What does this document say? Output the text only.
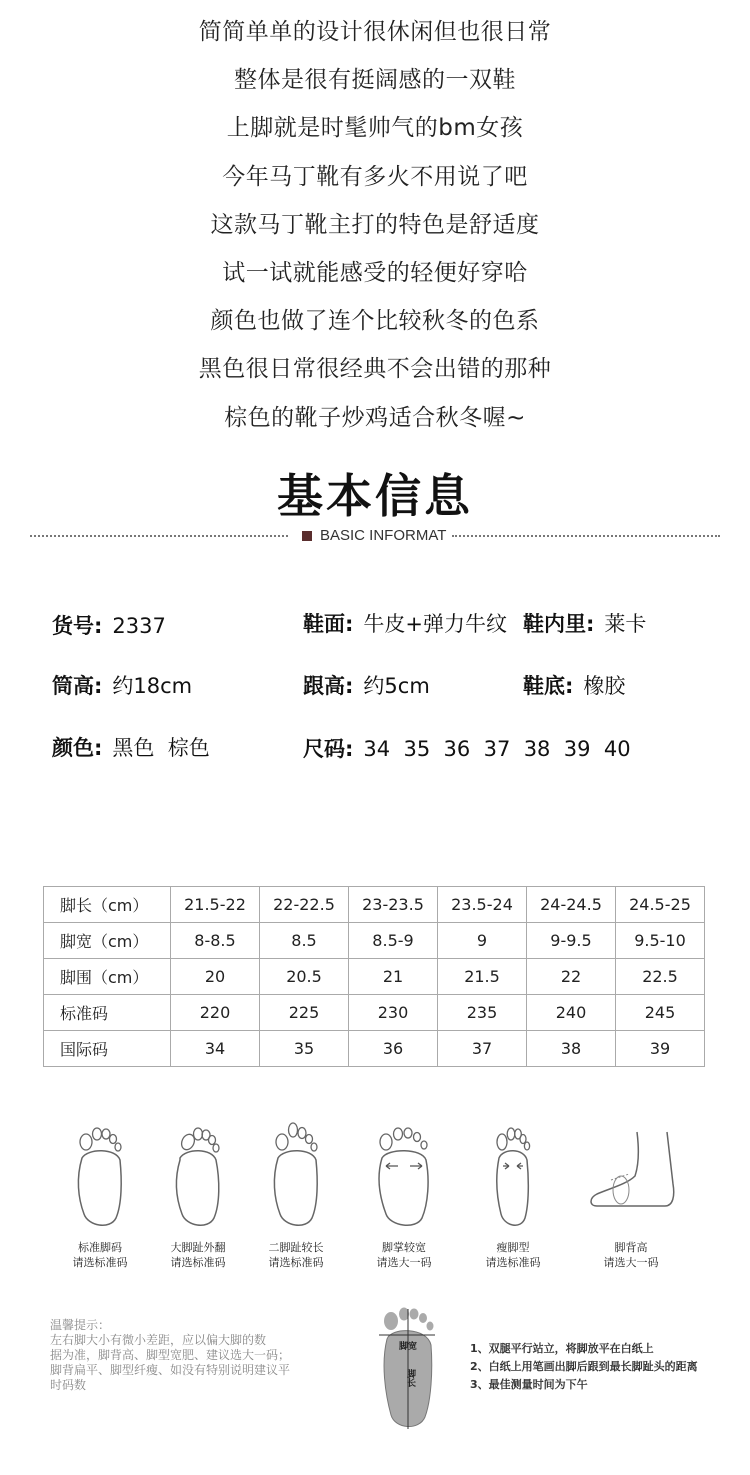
简简单单的设计很休闲但也很日常
整体是很有挺阔感的一双鞋
上脚就是时髦帅气的bm女孩
今年马丁靴有多火不用说了吧
这款马丁靴主打的特色是舒适度
试一试就能感受的轻便好穿哈
颜色也做了连个比较秋冬的色系
黑色很日常很经典不会出错的那种
棕色的靴子炒鸡适合秋冬喔~
基本信息
BASIC INFORMAT
货号: 2337	鞋面: 牛皮+弹力牛纹 鞋内里: 莱卡
筒高: 约18cm	跟高: 约5cm	鞋底: 橡胶
颜色: 黑色  棕色	尺码: 34  35  36  37  38  39  40
脚长（cm）	21.5-22	22-22.5	23-23.5	23.5-24	24-24.5	24.5-25
脚宽（cm）	8-8.5	8.5	8.5-9	9	9-9.5	9.5-10
脚围（cm）	20	20.5	21	21.5	22	22.5
标准码	220	225	230	235	240	245
国际码	34	35	36	37	38	39
标准脚码
请选标准码
大脚趾外翻
请选标准码
二脚趾较长
请选标准码
脚掌较宽
请选大一码
瘦脚型
请选标准码
脚背高
请选大一码
温馨提示：
左右脚大小有微小差距，应以偏大脚的数
据为准，脚背高、脚型宽肥、建议选大一码；
脚背扁平、脚型纤瘦、如没有特别说明建议平
时码数
脚宽
脚长
1、双腿平行站立，将脚放平在白纸上
2、白纸上用笔画出脚后跟到最长脚趾头的距离
3、最佳测量时间为下午
